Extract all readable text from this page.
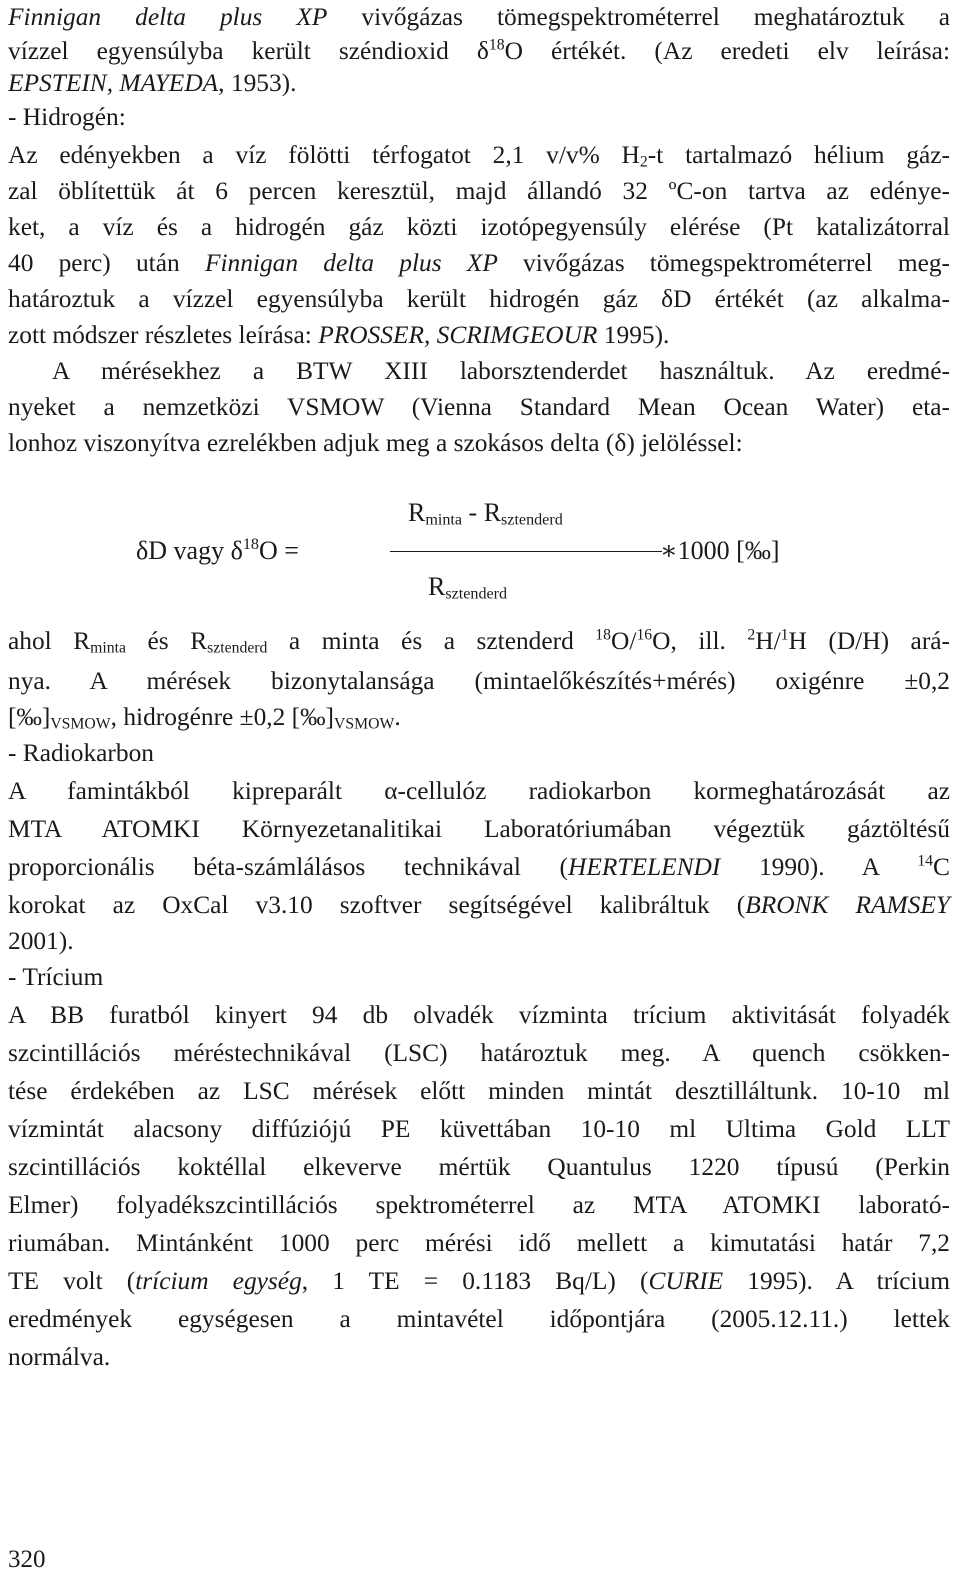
Finnigan delta plus XP vivőgázas tömegspektrométerrel meghatároztuk a
vízzel egyensúlyba került széndioxid $\delta^{18}O$ értékét. (Az eredeti elv leírása:
EPSTEIN, MAYEDA, 1953).
- Hidrogén:
Az edényekben a víz fölötti térfogatot 2,1 v/v% $H_2-t$ tartalmazó hélium gáz-
zal öblítettük át 6 percen keresztül, majd állandó 32 ºC-on tartva az edénye-
ket, a víz és a hidrogén gáz közti izotópegyensúly elérése (Pt katalizátorral
40 perc) után Finnigan delta plus XP vivőgázas tömegspektrométerrel meg-
határoztuk a vízzel egyensúlyba került hidrogén gáz δD értékét (az alkalma-
zott módszer részletes leírása: PROSSER, SCRIMGEOUR 1995).
A mérésekhez a BTW XIII laborsztenderdet használtuk. Az eredmé-
nyeket a nemzetközi VSMOW (Vienna Standard Mean Ocean Water) eta-
lonhoz viszonyítva ezrelékben adjuk meg a szokásos delta (δ) jelöléssel:
$R_{minta} - R_{sztenderd}$
δD vagy $\delta^{18}O$ =	∗1000 [‰]
$R_{sztenderd}$
ahol $R_{minta}$ és $R_{sztenderd}$ a minta és a sztenderd $^{18}$O/$^{16}$O, ill. $^2$H/$^1$H (D/H) ará-
nya. A mérések bizonytalansága (mintaelőkészítés+mérés) oxigénre ±0,2
$[‰]_{VSMOW}$, hidrogénre ±0,2 $[‰]_{VSMOW}$.
- Radiokarbon
A famintákból kipreparált α-cellulóz radiokarbon kormeghatározását az
MTA ATOMKI Környezetanalitikai Laboratóriumában végeztük gáztöltésű
proporcionális béta-számlálásos technikával (HERTELENDI 1990). A $^{14}$C
korokat az OxCal v3.10 szoftver segítségével kalibráltuk (BRONK RAMSEY
2001).
- Trícium
A BB furatból kinyert 94 db olvadék vízminta trícium aktivitását folyadék
szcintillációs méréstechnikával (LSC) határoztuk meg. A quench csökken-
tése érdekében az LSC mérések előtt minden mintát desztilláltunk. 10-10 ml
vízmintát alacsony diffúziójú PE küvettában 10-10 ml Ultima Gold LLT
szcintillációs koktéllal elkeverve mértük Quantulus 1220 típusú (Perkin
Elmer) folyadékszcintillációs spektrométerrel az MTA ATOMKI laborató-
riumában. Mintánként 1000 perc mérési idő mellett a kimutatási határ 7,2
TE volt (trícium egység, 1 TE = 0.1183 Bq/L) (CURIE 1995). A trícium
eredmények egységesen a mintavétel időpontjára (2005.12.11.) lettek
normálva.
320
